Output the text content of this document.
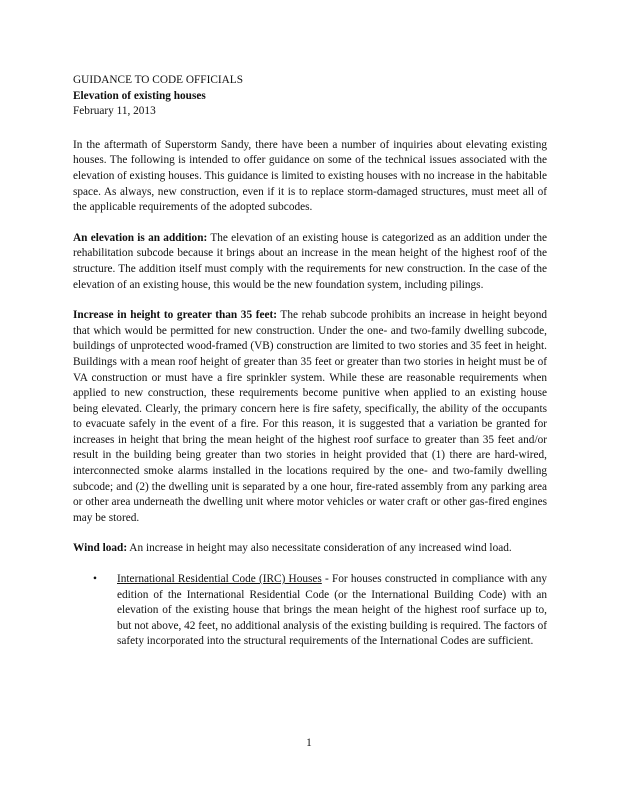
GUIDANCE TO CODE OFFICIALS

Elevation of existing houses

February 11, 2013

In the aftermath of Superstorm Sandy, there have been a number of inquiries about elevating existing houses. The following is intended to offer guidance on some of the technical issues associated with the elevation of existing houses. This guidance is limited to existing houses with no increase in the habitable space. As always, new construction, even if it is to replace storm-damaged structures, must meet all of the applicable requirements of the adopted subcodes.

An elevation is an addition: The elevation of an existing house is categorized as an addition under the rehabilitation subcode because it brings about an increase in the mean height of the highest roof of the structure. The addition itself must comply with the requirements for new construction. In the case of the elevation of an existing house, this would be the new foundation system, including pilings.

Increase in height to greater than 35 feet: The rehab subcode prohibits an increase in height beyond that which would be permitted for new construction. Under the one- and two-family dwelling subcode, buildings of unprotected wood-framed (VB) construction are limited to two stories and 35 feet in height. Buildings with a mean roof height of greater than 35 feet or greater than two stories in height must be of VA construction or must have a fire sprinkler system. While these are reasonable requirements when applied to new construction, these requirements become punitive when applied to an existing house being elevated. Clearly, the primary concern here is fire safety, specifically, the ability of the occupants to evacuate safely in the event of a fire. For this reason, it is suggested that a variation be granted for increases in height that bring the mean height of the highest roof surface to greater than 35 feet and/or result in the building being greater than two stories in height provided that (1) there are hard-wired, interconnected smoke alarms installed in the locations required by the one- and two-family dwelling subcode; and (2) the dwelling unit is separated by a one hour, fire-rated assembly from any parking area or other area underneath the dwelling unit where motor vehicles or water craft or other gas-fired engines may be stored.

Wind load: An increase in height may also necessitate consideration of any increased wind load.

• International Residential Code (IRC) Houses - For houses constructed in compliance with any edition of the International Residential Code (or the International Building Code) with an elevation of the existing house that brings the mean height of the highest roof surface up to, but not above, 42 feet, no additional analysis of the existing building is required. The factors of safety incorporated into the structural requirements of the International Codes are sufficient.
1
